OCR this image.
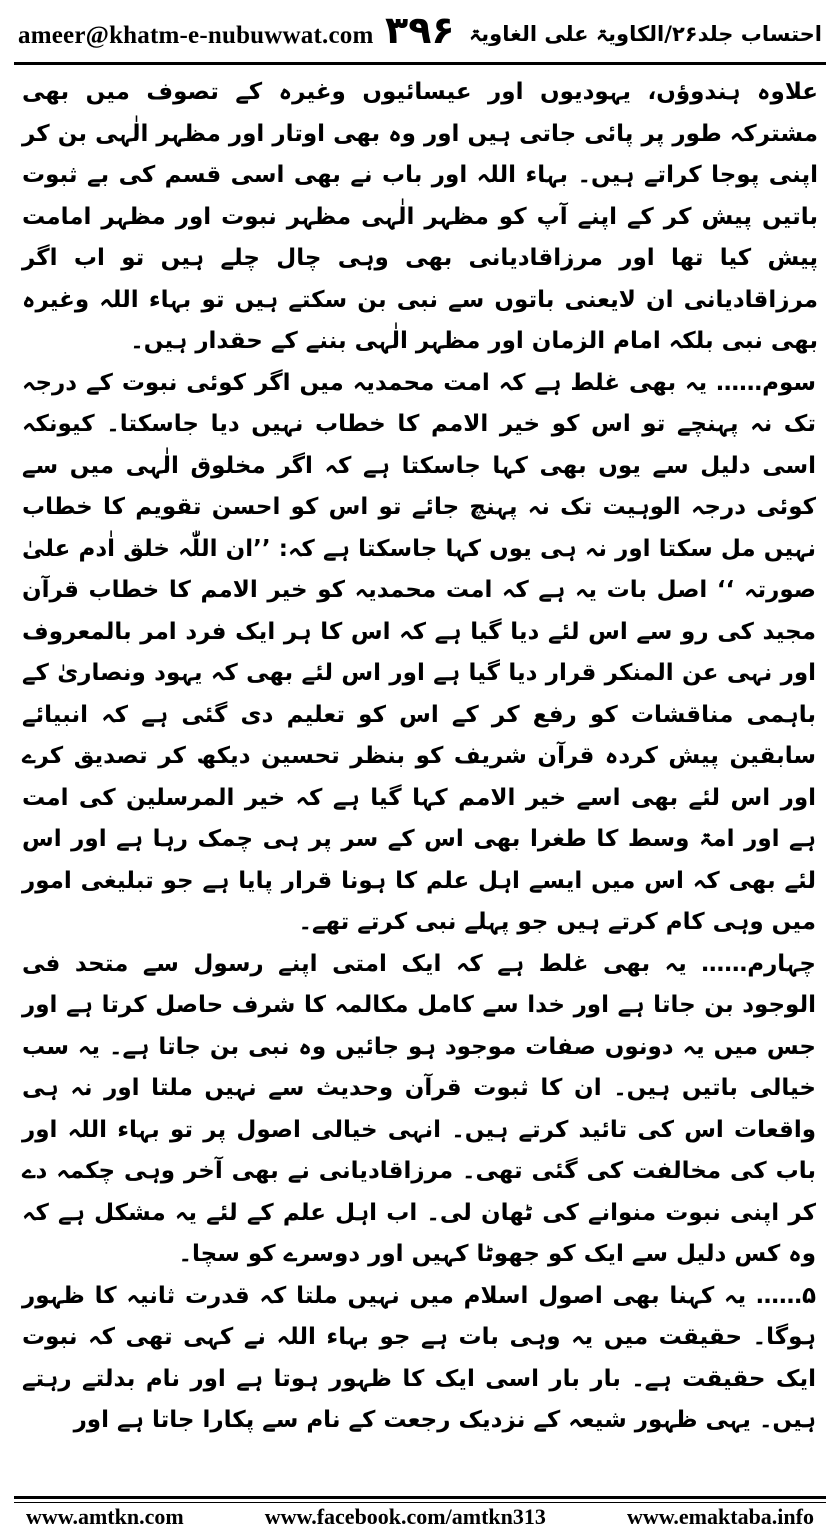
ameer@khatm-e-nubuwwat.com ۳۹۶ احتساب جلد۲۶/الکاویۃ علی الغاویۃ

علاوہ ہندوؤں، یہودیوں اور عیسائیوں وغیرہ کے تصوف میں بھی مشترکہ طور پر پائی جاتی ہیں اور وہ بھی اوتار اور مظہر الٰہی بن کر اپنی پوجا کراتے ہیں۔ بہاء اللہ اور باب نے بھی اسی قسم کی بے ثبوت باتیں پیش کر کے اپنے آپ کو مظہر الٰہی مظہر نبوت اور مظہر امامت پیش کیا تھا اور مرزاقادیانی بھی وہی چال چلے ہیں تو اب اگر مرزاقادیانی ان لایعنی باتوں سے نبی بن سکتے ہیں تو بہاء اللہ وغیرہ بھی نبی بلکہ امام الزمان اور مظہر الٰہی بننے کے حقدار ہیں۔

سوم…… یہ بھی غلط ہے کہ امت محمدیہ میں اگر کوئی نبوت کے درجہ تک نہ پہنچے تو اس کو خیر الامم کا خطاب نہیں دیا جاسکتا۔ کیونکہ اسی دلیل سے یوں بھی کہا جاسکتا ہے کہ اگر مخلوق الٰہی میں سے کوئی درجہ الوہیت تک نہ پہنچ جائے تو اس کو احسن تقویم کا خطاب نہیں مل سکتا اور نہ ہی یوں کہا جاسکتا ہے کہ: ’’ان اللّٰہ خلق اٰدم علیٰ صورتہ ‘‘ اصل بات یہ ہے کہ امت محمدیہ کو خیر الامم کا خطاب قرآن مجید کی رو سے اس لئے دیا گیا ہے کہ اس کا ہر ایک فرد امر بالمعروف اور نہی عن المنکر قرار دیا گیا ہے اور اس لئے بھی کہ یہود ونصاریٰ کے باہمی مناقشات کو رفع کر کے اس کو تعلیم دی گئی ہے کہ انبیائے سابقین پیش کردہ قرآن شریف کو بنظر تحسین دیکھ کر تصدیق کرے اور اس لئے بھی اسے خیر الامم کہا گیا ہے کہ خیر المرسلین کی امت ہے اور امۃ وسط کا طغرا بھی اس کے سر پر ہی چمک رہا ہے اور اس لئے بھی کہ اس میں ایسے اہل علم کا ہونا قرار پایا ہے جو تبلیغی امور میں وہی کام کرتے ہیں جو پہلے نبی کرتے تھے۔

چہارم…… یہ بھی غلط ہے کہ ایک امتی اپنے رسول سے متحد فی الوجود بن جاتا ہے اور خدا سے کامل مکالمہ کا شرف حاصل کرتا ہے اور جس میں یہ دونوں صفات موجود ہو جائیں وہ نبی بن جاتا ہے۔ یہ سب خیالی باتیں ہیں۔ ان کا ثبوت قرآن وحدیث سے نہیں ملتا اور نہ ہی واقعات اس کی تائید کرتے ہیں۔ انہی خیالی اصول پر تو بہاء اللہ اور باب کی مخالفت کی گئی تھی۔ مرزاقادیانی نے بھی آخر وہی چکمہ دے کر اپنی نبوت منوانے کی ٹھان لی۔ اب اہل علم کے لئے یہ مشکل ہے کہ وہ کس دلیل سے ایک کو جھوٹا کہیں اور دوسرے کو سچا۔

۵…… یہ کہنا بھی اصول اسلام میں نہیں ملتا کہ قدرت ثانیہ کا ظہور ہوگا۔ حقیقت میں یہ وہی بات ہے جو بہاء اللہ نے کہی تھی کہ نبوت ایک حقیقت ہے۔ بار بار اسی ایک کا ظہور ہوتا ہے اور نام بدلتے رہتے ہیں۔ یہی ظہور شیعہ کے نزدیک رجعت کے نام سے پکارا جاتا ہے اور

www.amtkn.com	www.facebook.com/amtkn313	www.emaktaba.info
